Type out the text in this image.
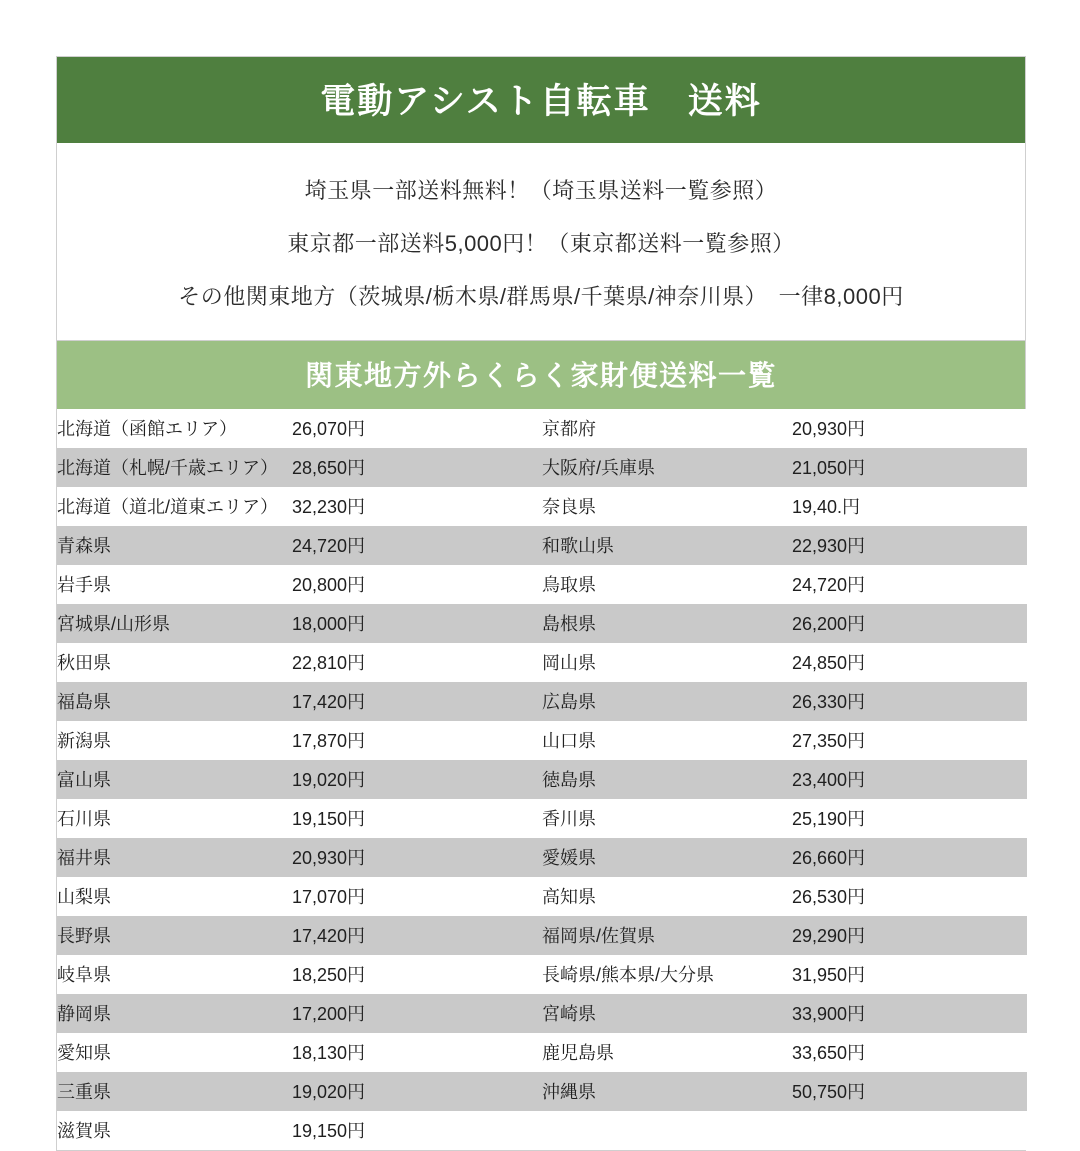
電動アシスト自転車　送料
埼玉県一部送料無料！（埼玉県送料一覧参照）
東京都一部送料5,000円！（東京都送料一覧参照）
その他関東地方（茨城県/栃木県/群馬県/千葉県/神奈川県）　一律8,000円
関東地方外らくらく家財便送料一覧
北海道（函館エリア）	26,070円	京都府	20,930円
北海道（札幌/千歳エリア）	28,650円	大阪府/兵庫県	21,050円
北海道（道北/道東エリア）	32,230円	奈良県	19,40.円
青森県	24,720円	和歌山県	22,930円
岩手県	20,800円	鳥取県	24,720円
宮城県/山形県	18,000円	島根県	26,200円
秋田県	22,810円	岡山県	24,850円
福島県	17,420円	広島県	26,330円
新潟県	17,870円	山口県	27,350円
富山県	19,020円	徳島県	23,400円
石川県	19,150円	香川県	25,190円
福井県	20,930円	愛媛県	26,660円
山梨県	17,070円	高知県	26,530円
長野県	17,420円	福岡県/佐賀県	29,290円
岐阜県	18,250円	長崎県/熊本県/大分県	31,950円
静岡県	17,200円	宮崎県	33,900円
愛知県	18,130円	鹿児島県	33,650円
三重県	19,020円	沖縄県	50,750円
滋賀県	19,150円		
